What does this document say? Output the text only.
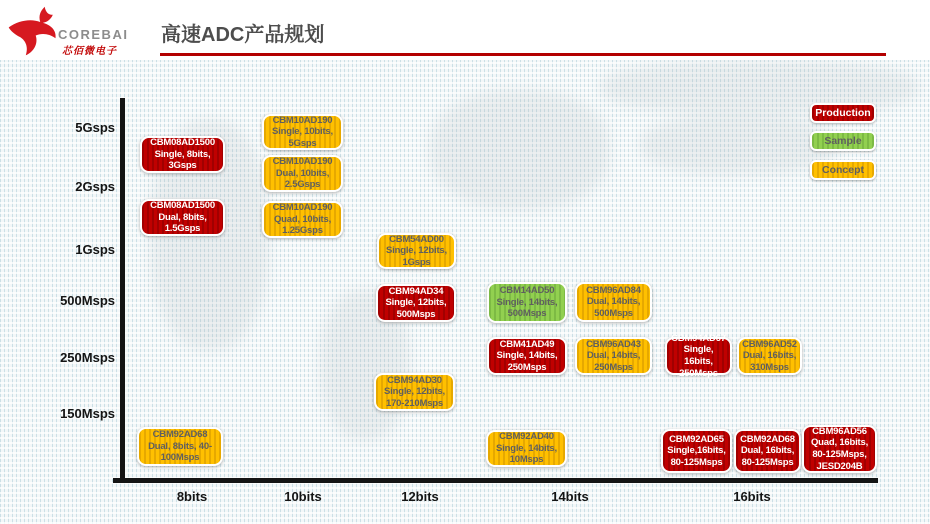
COREBAI
芯佰微电子
高速ADC产品规划
5Gsps
2Gsps
1Gsps
500Msps
250Msps
150Msps
8bits	10bits	12bits	14bits	16bits
CBM08AD1500
Single, 8bits, 3Gsps
CBM10AD190
Single, 10bits, 5Gsps
CBM10AD190
Dual, 10bits, 2.5Gsps
CBM08AD1500
Dual, 8bits, 1.5Gsps
CBM10AD190
Quad, 10bits, 1.25Gsps
CBM54AD00
Single, 12bits, 1Gsps
CBM94AD34
Single, 12bits, 500Msps
CBM14AD50
Single, 14bits, 500Msps
CBM96AD84
Dual, 14bits, 500Msps
CBM41AD49
Single, 14bits, 250Msps
CBM96AD43
Dual, 14bits, 250Msps
CBM94AD67
Single, 16bits, 250Msps
CBM96AD52
Dual, 16bits, 310Msps
CBM94AD30
Single, 12bits, 170-210Msps
CBM92AD68
Dual, 8bits, 40-100Msps
CBM92AD40
Single, 14bits, 10Msps
CBM92AD65
Single,16bits, 80-125Msps
CBM92AD68
Dual, 16bits, 80-125Msps
CBM96AD56
Quad, 16bits, 80-125Msps,
JESD204B
Production
Sample
Concept
